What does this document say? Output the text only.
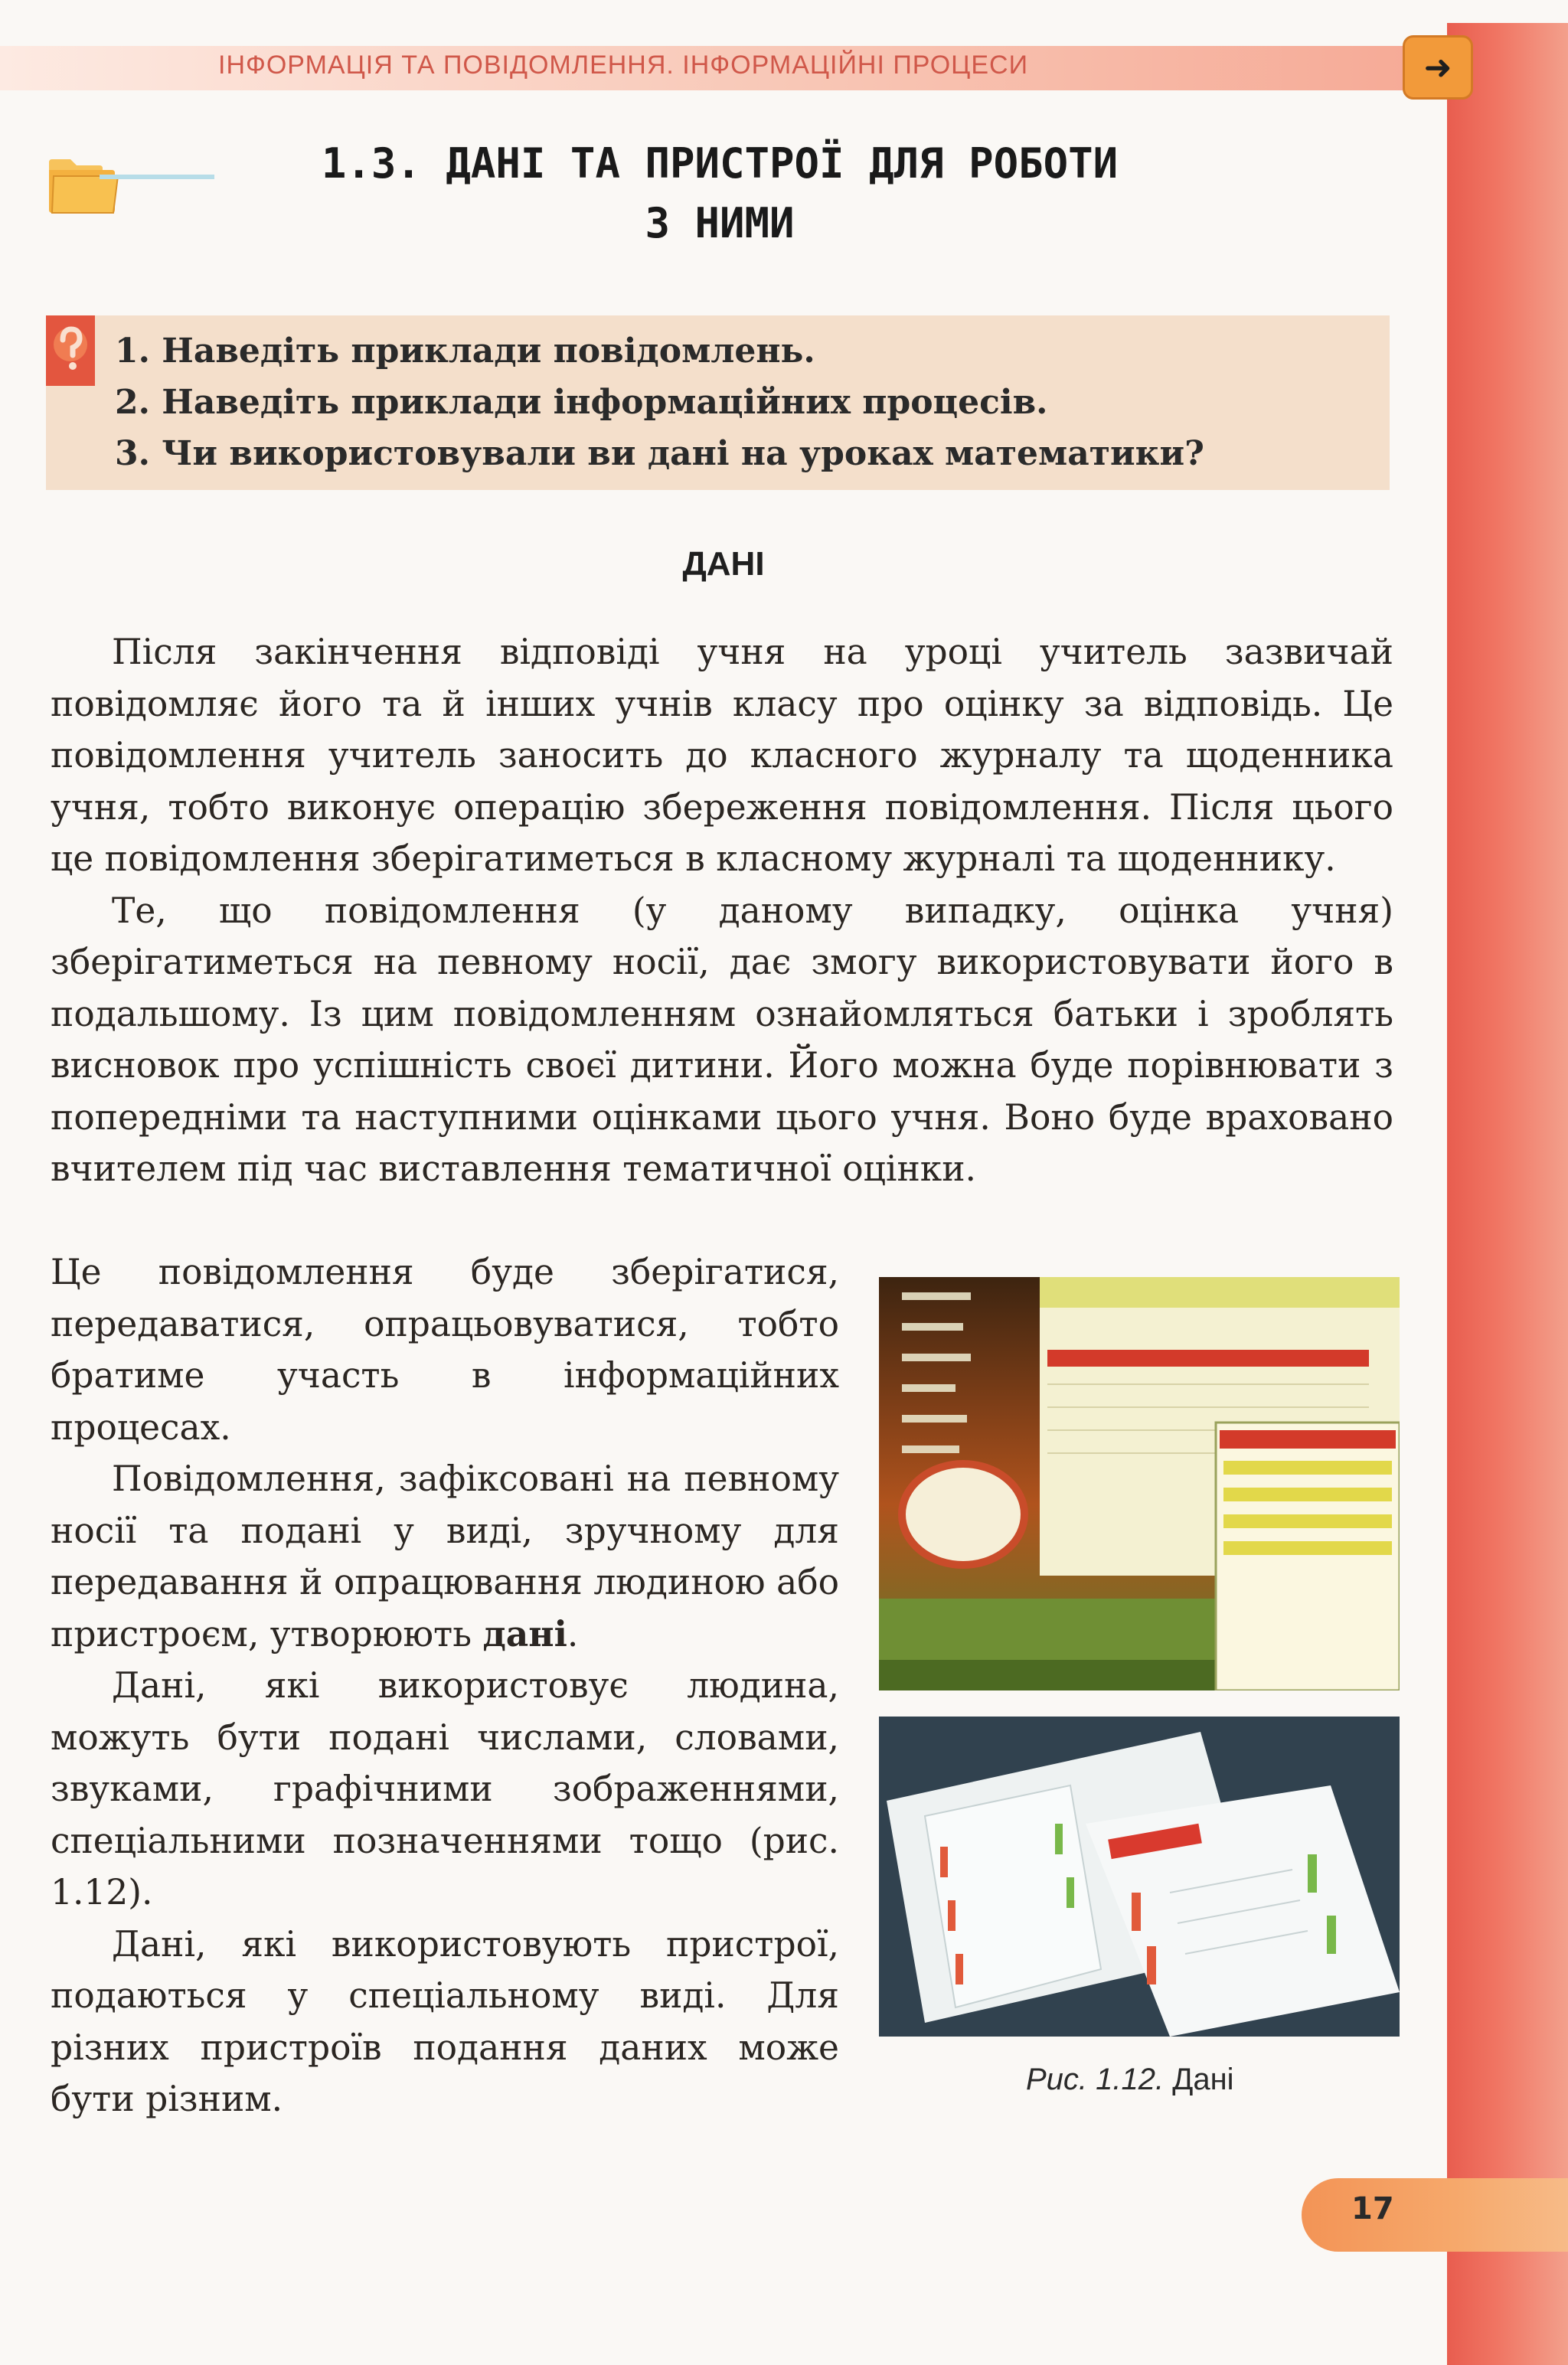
ІНФОРМАЦІЯ ТА ПОВІДОМЛЕННЯ. ІНФОРМАЦІЙНІ ПРОЦЕСИ	➜
1.3. ДАНІ ТА ПРИСТРОЇ ДЛЯ РОБОТИ
З НИМИ
1. Наведіть приклади повідомлень.
2. Наведіть приклади інформаційних процесів.
3. Чи використовували ви дані на уроках математики?
ДАНІ

Після закінчення відповіді учня на уроці учитель зазвичай повідомляє його та й інших учнів класу про оцінку за відповідь. Це повідомлення учитель заносить до класного журналу та щоденника учня, тобто виконує операцію збереження повідомлення. Після цього це повідомлення зберігатиметься в класному журналі та щоденнику.

Те, що повідомлення (у даному випадку, оцінка учня) зберігатиметься на певному носії, дає змогу використовувати його в подальшому. Із цим повідомленням ознайомляться батьки і зроблять висновок про успішність своєї дитини. Його можна буде порівнювати з попередніми та наступними оцінками цього учня. Воно буде враховано вчителем під час виставлення тематичної оцінки.

Це повідомлення буде зберігатися, передаватися, опрацьовуватися, тобто братиме участь в інформаційних процесах.

Повідомлення, зафіксовані на певному носії та подані у виді, зручному для передавання й опрацювання людиною або пристроєм, утворюють дані.

Дані, які використовує людина, можуть бути подані числами, словами, звуками, графічними зображеннями, спеціальними позначеннями тощо (рис. 1.12).

Дані, які використовують пристрої, подаються у спеціальному виді. Для різних пристроїв подання даних може бути різним.	Рис. 1.12. Дані
17
